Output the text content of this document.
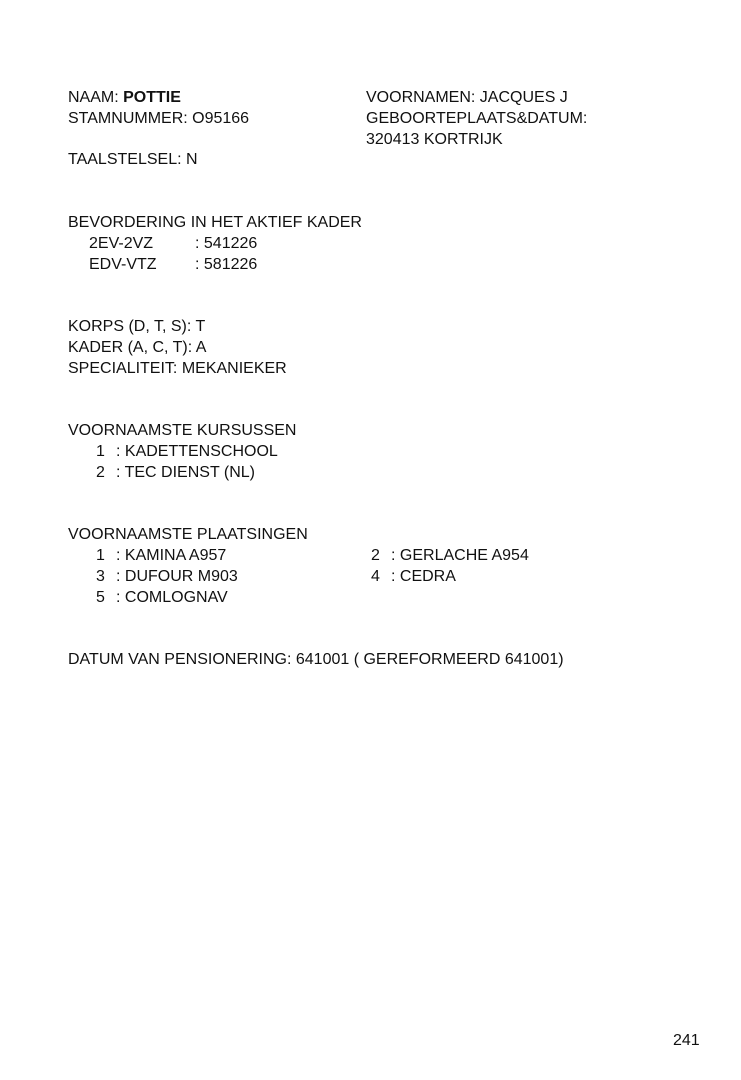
NAAM: POTTIE
STAMNUMMER: O95166
TAALSTELSEL: N
VOORNAMEN: JACQUES J
GEBOORTEPLAATS&DATUM:
320413 KORTRIJK
BEVORDERING IN HET AKTIEF KADER
2EV-2VZ	: 541226
EDV-VTZ : 581226
KORPS (D, T, S): T
KADER (A, C, T): A
SPECIALITEIT: MEKANIEKER
VOORNAAMSTE KURSUSSEN
1 : KADETTENSCHOOL
2 : TEC DIENST (NL)
VOORNAAMSTE PLAATSINGEN
1 : KAMINA A957	2 : GERLACHE A954
3 : DUFOUR M903	4 : CEDRA
5 : COMLOGNAV
DATUM VAN PENSIONERING: 641001 ( GEREFORMEERD 641001)
241
